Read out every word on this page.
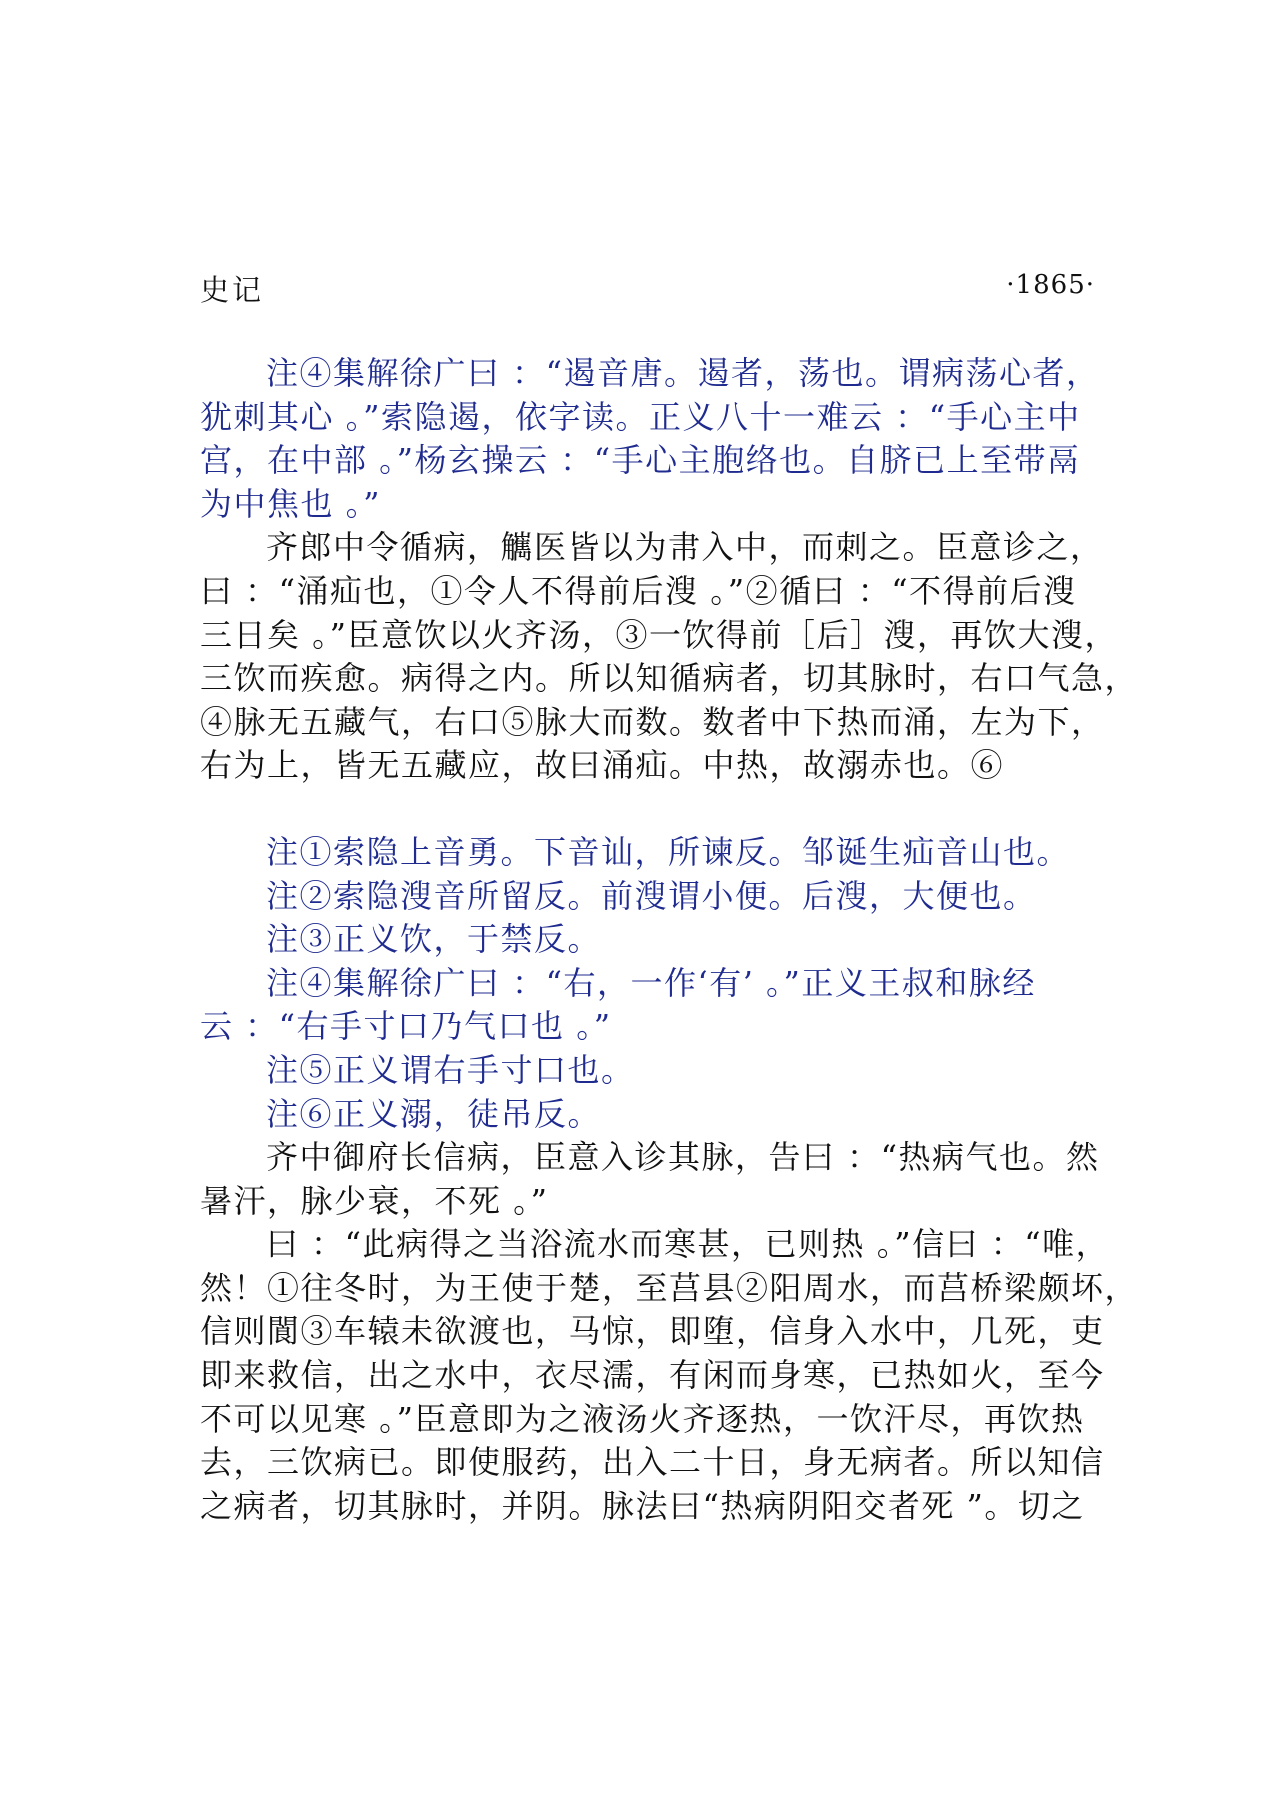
史记	·1865·

注④集解徐广曰 ：“遏音唐。遏者，荡也。谓病荡心者，
犹刺其心 。”索隐遏，依字读。正义八十一难云 ：“手心主中
宫，在中部 。”杨玄操云 ：“手心主胞络也。自脐已上至带鬲
为中焦也 。”

齐郎中令循病，觽医皆以为帇入中，而刺之。臣意诊之，
曰 ：“涌疝也，①令人不得前后溲 。”②循曰 ：“不得前后溲
三日矣 。”臣意饮以火齐汤，③一饮得前［后］溲，再饮大溲，
三饮而疾愈。病得之内。所以知循病者，切其脉时，右口气急，
④脉无五藏气，右口⑤脉大而数。数者中下热而涌，左为下，
右为上，皆无五藏应，故曰涌疝。中热，故溺赤也。⑥

注①索隐上音勇。下音讪，所谏反。邹诞生疝音山也。

注②索隐溲音所留反。前溲谓小便。后溲，大便也。

注③正义饮，于禁反。

注④集解徐广曰 ：“右，一作‘有’ 。”正义王叔和脉经
云 ：“右手寸口乃气口也 。”

注⑤正义谓右手寸口也。

注⑥正义溺，徒吊反。

齐中御府长信病，臣意入诊其脉，告曰 ：“热病气也。然
暑汗，脉少衰，不死 。”

曰 ：“此病得之当浴流水而寒甚，已则热 。”信曰 ：“唯，
然！①往冬时，为王使于楚，至莒县②阳周水，而莒桥梁颇坏，
信则閬③车辕未欲渡也，马惊，即堕，信身入水中，几死，吏
即来救信，出之水中，衣尽濡，有闲而身寒，已热如火，至今
不可以见寒 。”臣意即为之液汤火齐逐热，一饮汗尽，再饮热
去，三饮病已。即使服药，出入二十日，身无病者。所以知信
之病者，切其脉时，并阴。脉法曰“热病阴阳交者死 ”。切之
